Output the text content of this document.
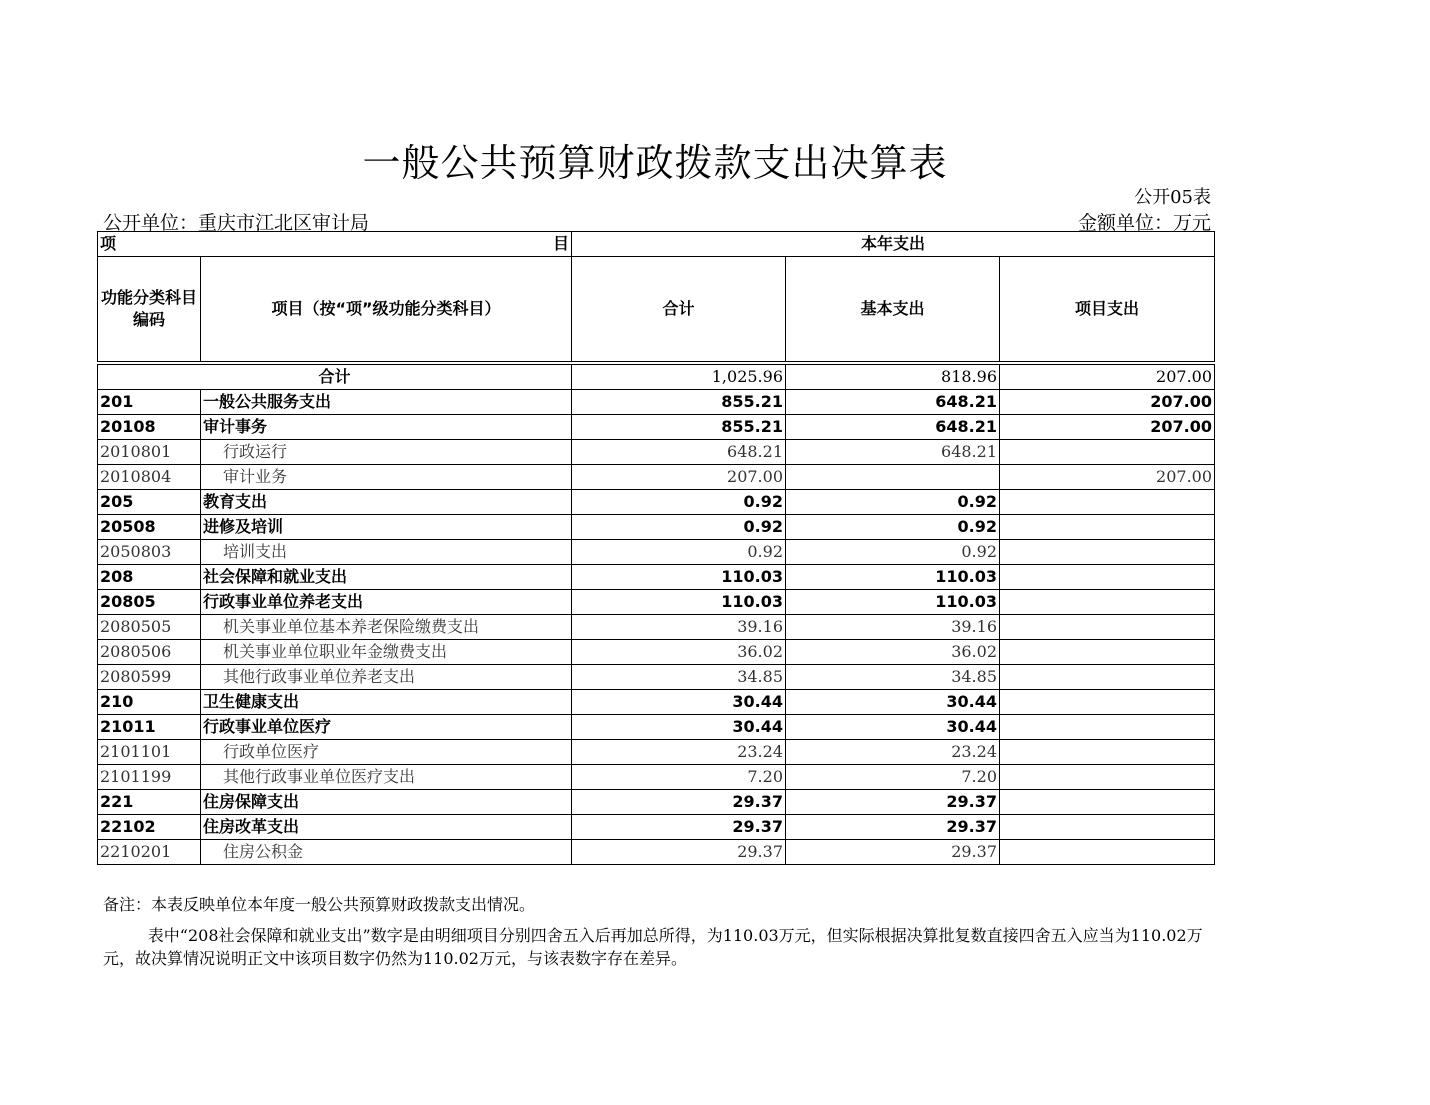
一般公共预算财政拨款支出决算表
公开05表
公开单位：重庆市江北区审计局	金额单位：万元
项 目		本年支出		
功能分类科目编码	项目（按“项”级功能分类科目）	合计	基本支出	项目支出

合计		1,025.96	818.96	207.00
201	一般公共服务支出	855.21	648.21	207.00
20108	审计事务	855.21	648.21	207.00
2010801	行政运行	648.21	648.21	
2010804	审计业务	207.00		207.00
205	教育支出	0.92	0.92	
20508	进修及培训	0.92	0.92	
2050803	培训支出	0.92	0.92	
208	社会保障和就业支出	110.03	110.03	
20805	行政事业单位养老支出	110.03	110.03	
2080505	机关事业单位基本养老保险缴费支出	39.16	39.16	
2080506	机关事业单位职业年金缴费支出	36.02	36.02	
2080599	其他行政事业单位养老支出	34.85	34.85	
210	卫生健康支出	30.44	30.44	
21011	行政事业单位医疗	30.44	30.44	
2101101	行政单位医疗	23.24	23.24	
2101199	其他行政事业单位医疗支出	7.20	7.20	
221	住房保障支出	29.37	29.37	
22102	住房改革支出	29.37	29.37	
2210201	住房公积金	29.37	29.37	
备注：本表反映单位本年度一般公共预算财政拨款支出情况。
表中“208社会保障和就业支出”数字是由明细项目分别四舍五入后再加总所得，为110.03万元，但实际根据决算批复数直接四舍五入应当为110.02万元，故决算情况说明正文中该项目数字仍然为110.02万元，与该表数字存在差异。
